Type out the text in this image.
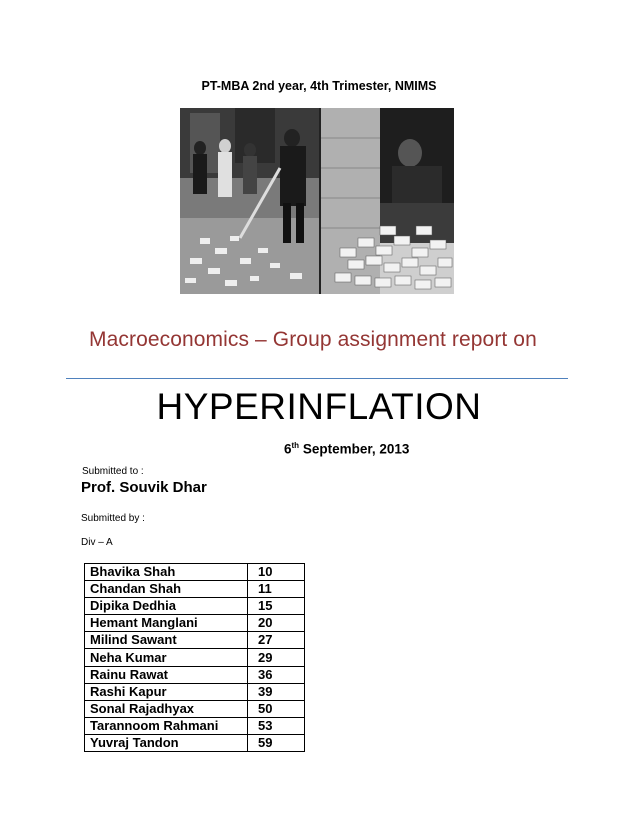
PT-MBA 2nd year, 4th Trimester, NMIMS
Macroeconomics – Group assignment report on
HYPERINFLATION
6th September, 2013
Submitted to :
Prof. Souvik Dhar
Submitted by :
Div – A
Bhavika Shah	10
Chandan Shah	11
Dipika Dedhia	15
Hemant Manglani	20
Milind Sawant	27
Neha Kumar	29
Rainu Rawat	36
Rashi Kapur	39
Sonal Rajadhyax	50
Tarannoom Rahmani	53
Yuvraj Tandon	59
